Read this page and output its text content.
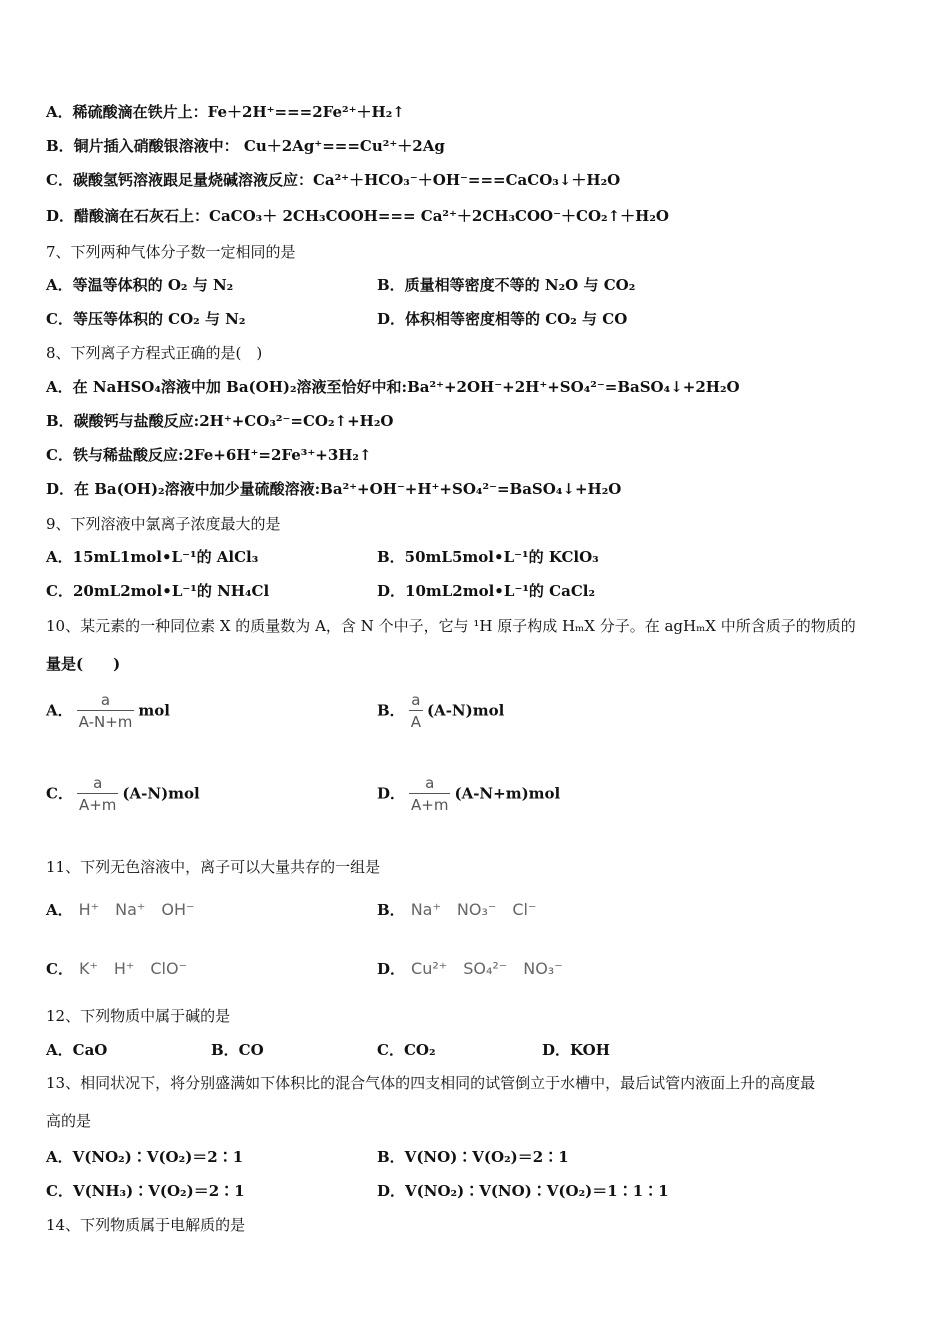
A．稀硫酸滴在铁片上：Fe＋2H⁺===2Fe²⁺＋H₂↑
B．铜片插入硝酸银溶液中： Cu＋2Ag⁺===Cu²⁺＋2Ag
C．碳酸氢钙溶液跟足量烧碱溶液反应：Ca²⁺＋HCO₃⁻＋OH⁻===CaCO₃↓＋H₂O
D．醋酸滴在石灰石上：CaCO₃＋ 2CH₃COOH=== Ca²⁺＋2CH₃COO⁻＋CO₂↑＋H₂O
7、下列两种气体分子数一定相同的是
A．等温等体积的 O₂ 与 N₂	B．质量相等密度不等的 N₂O 与 CO₂
C．等压等体积的 CO₂ 与 N₂	D．体积相等密度相等的 CO₂ 与 CO
8、下列离子方程式正确的是(　)
A．在 NaHSO₄溶液中加 Ba(OH)₂溶液至恰好中和:Ba²⁺+2OH⁻+2H⁺+SO₄²⁻=BaSO₄↓+2H₂O
B．碳酸钙与盐酸反应:2H⁺+CO₃²⁻=CO₂↑+H₂O
C．铁与稀盐酸反应:2Fe+6H⁺=2Fe³⁺+3H₂↑
D．在 Ba(OH)₂溶液中加少量硫酸溶液:Ba²⁺+OH⁻+H⁺+SO₄²⁻=BaSO₄↓+H₂O
9、下列溶液中氯离子浓度最大的是
A．15mL1mol•L⁻¹的 AlCl₃	B．50mL5mol•L⁻¹的 KClO₃
C．20mL2mol•L⁻¹的 NH₄Cl	D．10mL2mol•L⁻¹的 CaCl₂
10、某元素的一种同位素 X 的质量数为 A，含 N 个中子，它与 ¹H 原子构成 HₘX 分子。在 agHₘX 中所含质子的物质的
量是(　　)
A． $\frac{a}{A-N+m}$ mol	B． $\frac{a}{A} (A-N)mol$
C． $\frac{a}{A+m} (A-N)mol$	D． $\frac{a}{A+m} (A-N+m)mol$
11、下列无色溶液中，离子可以大量共存的一组是
A． H⁺ Na⁺ OH⁻	B． Na⁺ NO₃⁻ Cl⁻
C． K⁺ H⁺ ClO⁻	D． Cu²⁺ SO₄²⁻ NO₃⁻
12、下列物质中属于碱的是
A．CaO	B．CO	C．CO₂	D．KOH
13、相同状况下，将分别盛满如下体积比的混合气体的四支相同的试管倒立于水槽中，最后试管内液面上升的高度最
高的是
A．V(NO₂)∶V(O₂)＝2∶1	B．V(NO)∶V(O₂)＝2∶1
C．V(NH₃)∶V(O₂)＝2∶1	D．V(NO₂)∶V(NO)∶V(O₂)＝1∶1∶1
14、下列物质属于电解质的是
